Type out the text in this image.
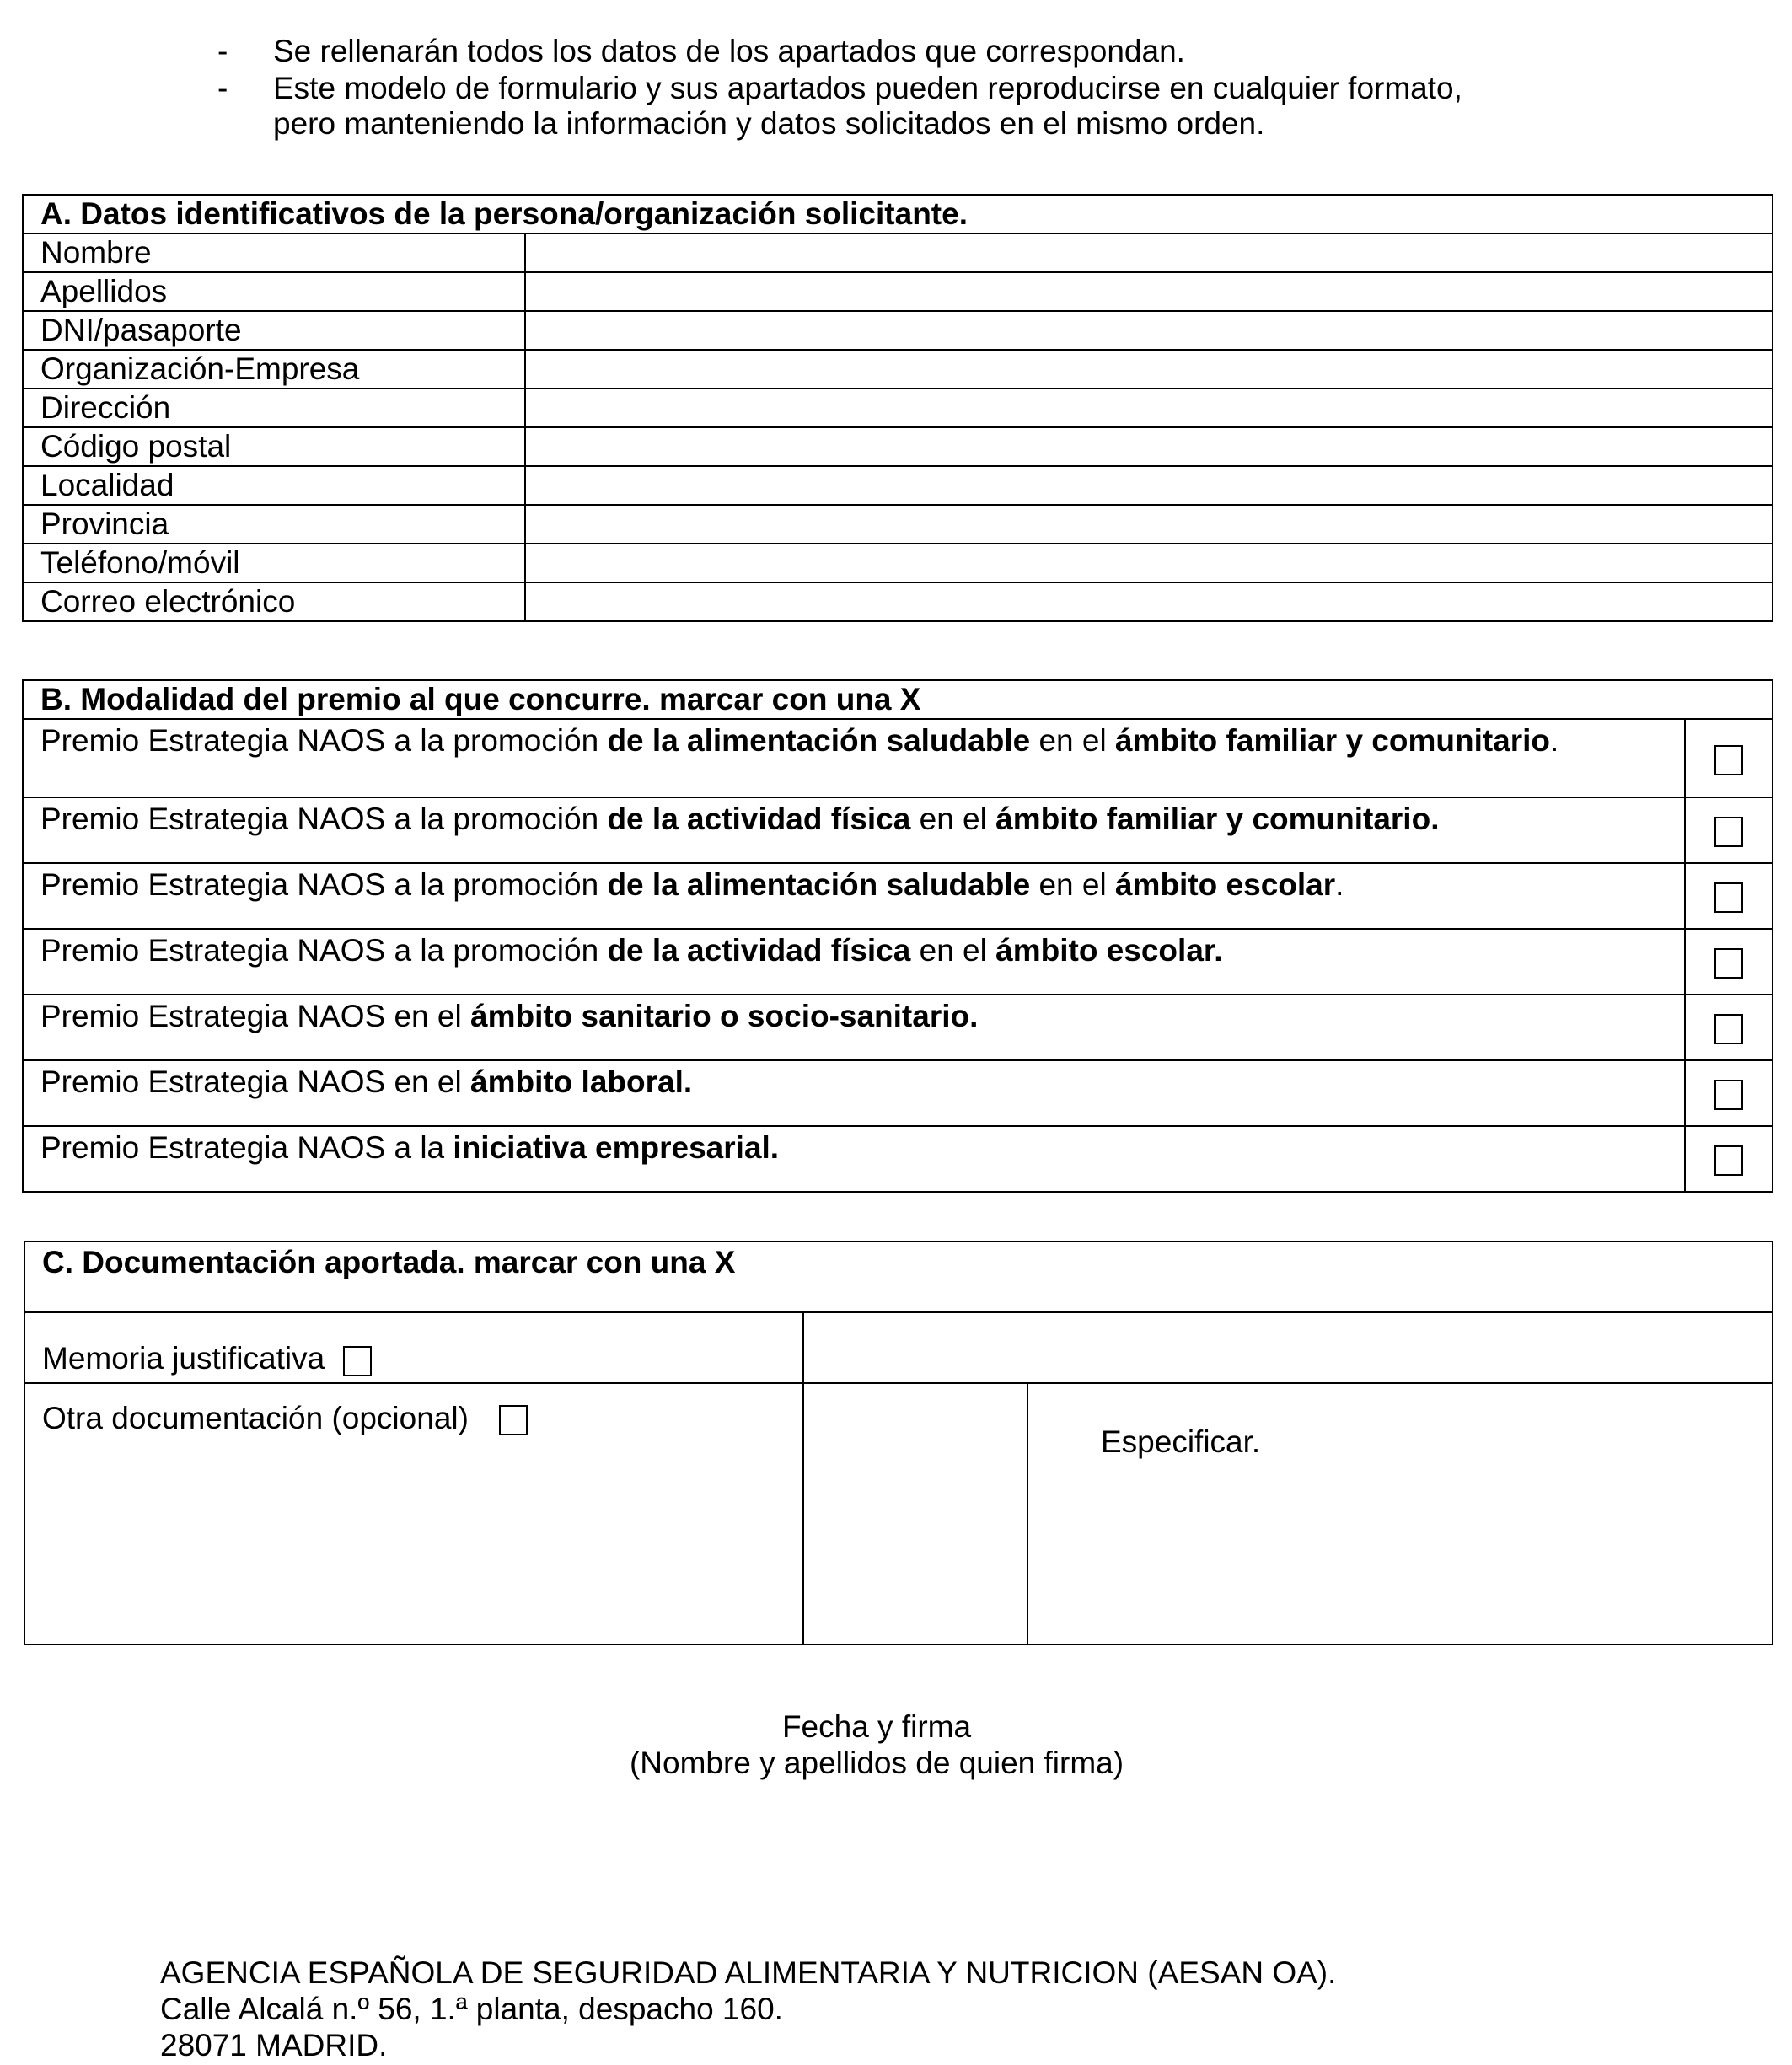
- Se rellenarán todos los datos de los apartados que correspondan.
- Este modelo de formulario y sus apartados pueden reproducirse en cualquier formato, pero manteniendo la información y datos solicitados en el mismo orden.
A. Datos identificativos de la persona/organización solicitante.	
Nombre	
Apellidos	
DNI/pasaporte	
Organización-Empresa	
Dirección	
Código postal	
Localidad	
Provincia	
Teléfono/móvil	
Correo electrónico	
B. Modalidad del premio al que concurre. marcar con una X	
Premio Estrategia NAOS a la promoción de la alimentación saludable en el ámbito familiar y comunitario.	
Premio Estrategia NAOS a la promoción de la actividad física en el ámbito familiar y comunitario.	
Premio Estrategia NAOS a la promoción de la alimentación saludable en el ámbito escolar.	
Premio Estrategia NAOS a la promoción de la actividad física en el ámbito escolar.	
Premio Estrategia NAOS en el ámbito sanitario o socio-sanitario.	
Premio Estrategia NAOS en el ámbito laboral.	
Premio Estrategia NAOS a la iniciativa empresarial.	
C. Documentación aportada. marcar con una X		
Memoria justificativa		
Otra documentación (opcional)		Especificar.
Fecha y firma
(Nombre y apellidos de quien firma)
AGENCIA ESPAÑOLA DE SEGURIDAD ALIMENTARIA Y NUTRICION (AESAN OA).
Calle Alcalá n.º 56, 1.ª planta, despacho 160.
28071 MADRID.
